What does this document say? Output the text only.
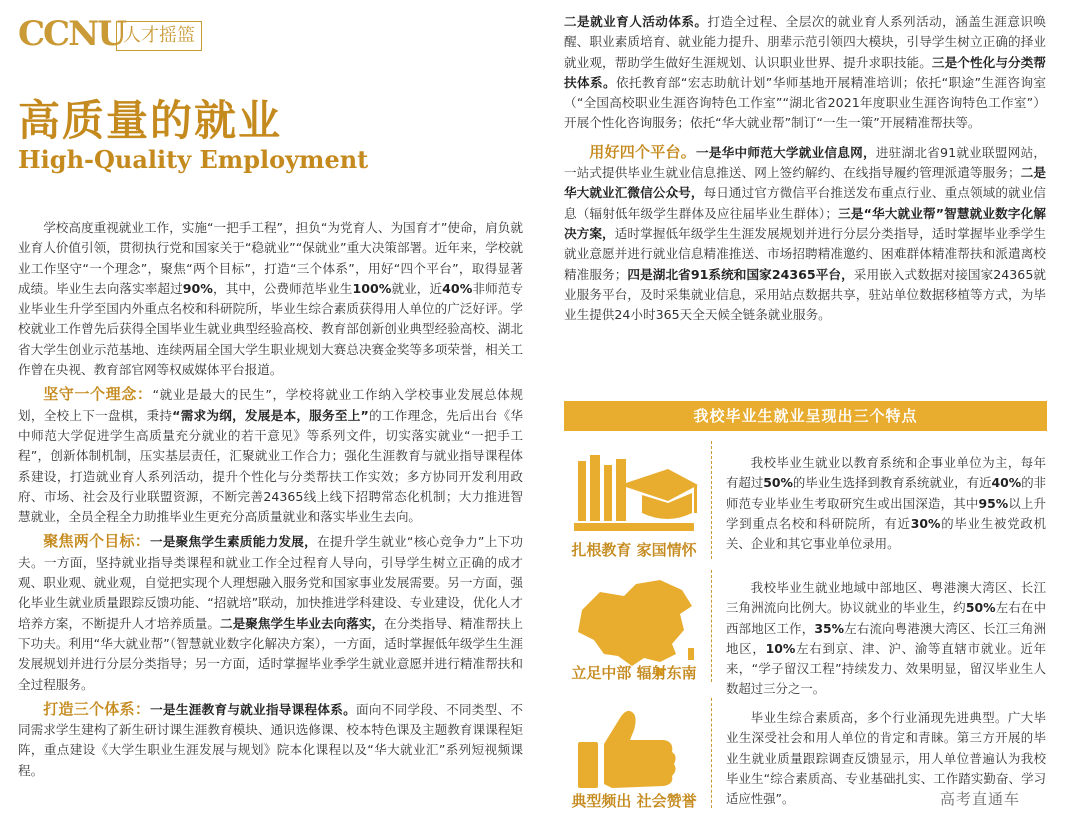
CCNU
人才摇篮
高质量的就业
High-Quality Employment

学校高度重视就业工作，实施“一把手工程”，担负“为党育人、为国育才”使命，肩负就业育人价值引领，贯彻执行党和国家关于“稳就业”“保就业”重大决策部署。近年来，学校就业工作坚守“一个理念”，聚焦“两个目标”，打造“三个体系”，用好“四个平台”，取得显著成绩。毕业生去向落实率超过90%，其中，公费师范毕业生100%就业，近40%非师范专业毕业生升学至国内外重点名校和科研院所，毕业生综合素质获得用人单位的广泛好评。学校就业工作曾先后获得全国毕业生就业典型经验高校、教育部创新创业典型经验高校、湖北省大学生创业示范基地、连续两届全国大学生职业规划大赛总决赛金奖等多项荣誉，相关工作曾在央视、教育部官网等权威媒体平台报道。

坚守一个理念：“就业是最大的民生”，学校将就业工作纳入学校事业发展总体规划，全校上下一盘棋，秉持“需求为纲，发展是本，服务至上”的工作理念，先后出台《华中师范大学促进学生高质量充分就业的若干意见》等系列文件，切实落实就业“一把手工程”，创新体制机制，压实基层责任，汇聚就业工作合力；强化生涯教育与就业指导课程体系建设，打造就业育人系列活动，提升个性化与分类帮扶工作实效；多方协同开发利用政府、市场、社会及行业联盟资源，不断完善24365线上线下招聘常态化机制；大力推进智慧就业，全员全程全力助推毕业生更充分高质量就业和落实毕业生去向。

聚焦两个目标：一是聚焦学生素质能力发展，在提升学生就业“核心竞争力”上下功夫。一方面，坚持就业指导类课程和就业工作全过程育人导向，引导学生树立正确的成才观、职业观、就业观，自觉把实现个人理想融入服务党和国家事业发展需要。另一方面，强化毕业生就业质量跟踪反馈功能、“招就培”联动，加快推进学科建设、专业建设，优化人才培养方案，不断提升人才培养质量。二是聚焦学生毕业去向落实，在分类指导、精准帮扶上下功夫。利用“华大就业帮”（智慧就业数字化解决方案），一方面，适时掌握低年级学生生涯发展规划并进行分层分类指导；另一方面，适时掌握毕业季学生就业意愿并进行精准帮扶和全过程服务。

打造三个体系：一是生涯教育与就业指导课程体系。面向不同学段、不同类型、不同需求学生建构了新生研讨课生涯教育模块、通识选修课、校本特色课及主题教育课课程矩阵，重点建设《大学生职业生涯发展与规划》院本化课程以及“华大就业汇”系列短视频课程。

二是就业育人活动体系。打造全过程、全层次的就业育人系列活动，涵盖生涯意识唤醒、职业素质培育、就业能力提升、朋辈示范引领四大模块，引导学生树立正确的择业就业观，帮助学生做好生涯规划、认识职业世界、提升求职技能。三是个性化与分类帮扶体系。依托教育部“宏志助航计划”华师基地开展精准培训；依托“职途”生涯咨询室（“全国高校职业生涯咨询特色工作室”“湖北省2021年度职业生涯咨询特色工作室”）开展个性化咨询服务；依托“华大就业帮”制订“一生一策”开展精准帮扶等。

用好四个平台。一是华中师范大学就业信息网，进驻湖北省91就业联盟网站，一站式提供毕业生就业信息推送、网上签约解约、在线指导履约管理派遣等服务；二是华大就业汇微信公众号，每日通过官方微信平台推送发布重点行业、重点领域的就业信息（辐射低年级学生群体及应往届毕业生群体）；三是“华大就业帮”智慧就业数字化解决方案，适时掌握低年级学生生涯发展规划并进行分层分类指导，适时掌握毕业季学生就业意愿并进行就业信息精准推送、市场招聘精准邀约、困难群体精准帮扶和派遣离校精准服务；四是湖北省91系统和国家24365平台，采用嵌入式数据对接国家24365就业服务平台，及时采集就业信息，采用站点数据共享，驻站单位数据移植等方式，为毕业生提供24小时365天全天候全链条就业服务。

我校毕业生就业呈现出三个特点
扎根教育 家国情怀
我校毕业生就业以教育系统和企事业单位为主，每年有超过50%的毕业生选择到教育系统就业，有近40%的非师范专业毕业生考取研究生或出国深造，其中95%以上升学到重点名校和科研院所，有近30%的毕业生被党政机关、企业和其它事业单位录用。
立足中部 辐射东南
我校毕业生就业地域中部地区、粤港澳大湾区、长江三角洲流向比例大。协议就业的毕业生，约50%左右在中西部地区工作，35%左右流向粤港澳大湾区、长江三角洲地区，10%左右到京、津、沪、渝等直辖市就业。近年来，“学子留汉工程”持续发力、效果明显，留汉毕业生人数超过三分之一。
典型频出 社会赞誉
毕业生综合素质高，多个行业涌现先进典型。广大毕业生深受社会和用人单位的肯定和青睐。第三方开展的毕业生就业质量跟踪调查反馈显示，用人单位普遍认为我校毕业生“综合素质高、专业基础扎实、工作踏实勤奋、学习适应性强”。	高考直通车
